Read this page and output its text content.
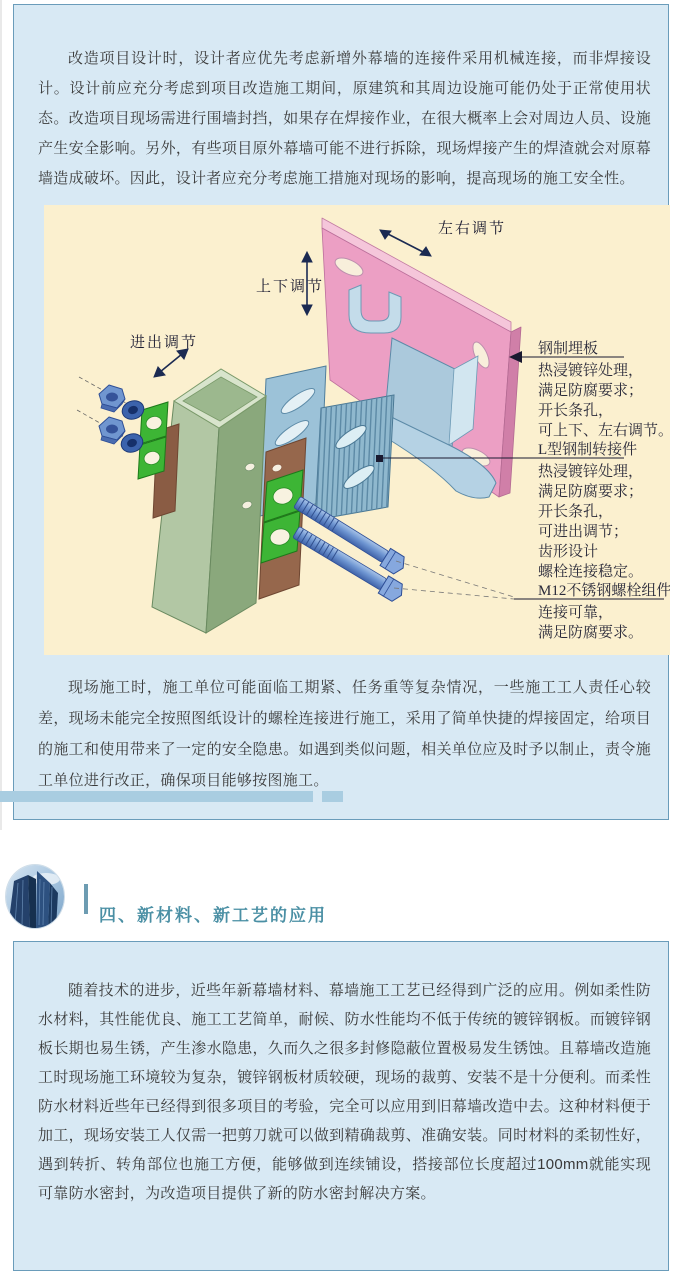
改造项目设计时，设计者应优先考虑新增外幕墙的连接件采用机械连接，而非焊接设计。设计前应充分考虑到项目改造施工期间，原建筑和其周边设施可能仍处于正常使用状态。改造项目现场需进行围墙封挡，如果存在焊接作业，在很大概率上会对周边人员、设施产生安全影响。另外，有些项目原外幕墙可能不进行拆除，现场焊接产生的焊渣就会对原幕墙造成破坏。因此，设计者应充分考虑施工措施对现场的影响，提高现场的施工安全性。

左右调节
上下调节
进出调节	钢制埋板
热浸镀锌处理，
满足防腐要求；
开长条孔，
可上下、左右调节。
L型钢制转接件
热浸镀锌处理，
满足防腐要求；
开长条孔，
可进出调节；
齿形设计
螺栓连接稳定。
M12不锈钢螺栓组件
连接可靠，
满足防腐要求。

现场施工时，施工单位可能面临工期紧、任务重等复杂情况，一些施工工人责任心较差，现场未能完全按照图纸设计的螺栓连接进行施工，采用了简单快捷的焊接固定，给项目的施工和使用带来了一定的安全隐患。如遇到类似问题，相关单位应及时予以制止，责令施工单位进行改正，确保项目能够按图施工。

四、新材料、新工艺的应用

随着技术的进步，近些年新幕墙材料、幕墙施工工艺已经得到广泛的应用。例如柔性防水材料，其性能优良、施工工艺简单，耐候、防水性能均不低于传统的镀锌钢板。而镀锌钢板长期也易生锈，产生渗水隐患，久而久之很多封修隐蔽位置极易发生锈蚀。且幕墙改造施工时现场施工环境较为复杂，镀锌钢板材质较硬，现场的裁剪、安装不是十分便利。而柔性防水材料近些年已经得到很多项目的考验，完全可以应用到旧幕墙改造中去。这种材料便于加工，现场安装工人仅需一把剪刀就可以做到精确裁剪、准确安装。同时材料的柔韧性好，遇到转折、转角部位也施工方便，能够做到连续铺设，搭接部位长度超过100mm就能实现可靠防水密封，为改造项目提供了新的防水密封解决方案。
